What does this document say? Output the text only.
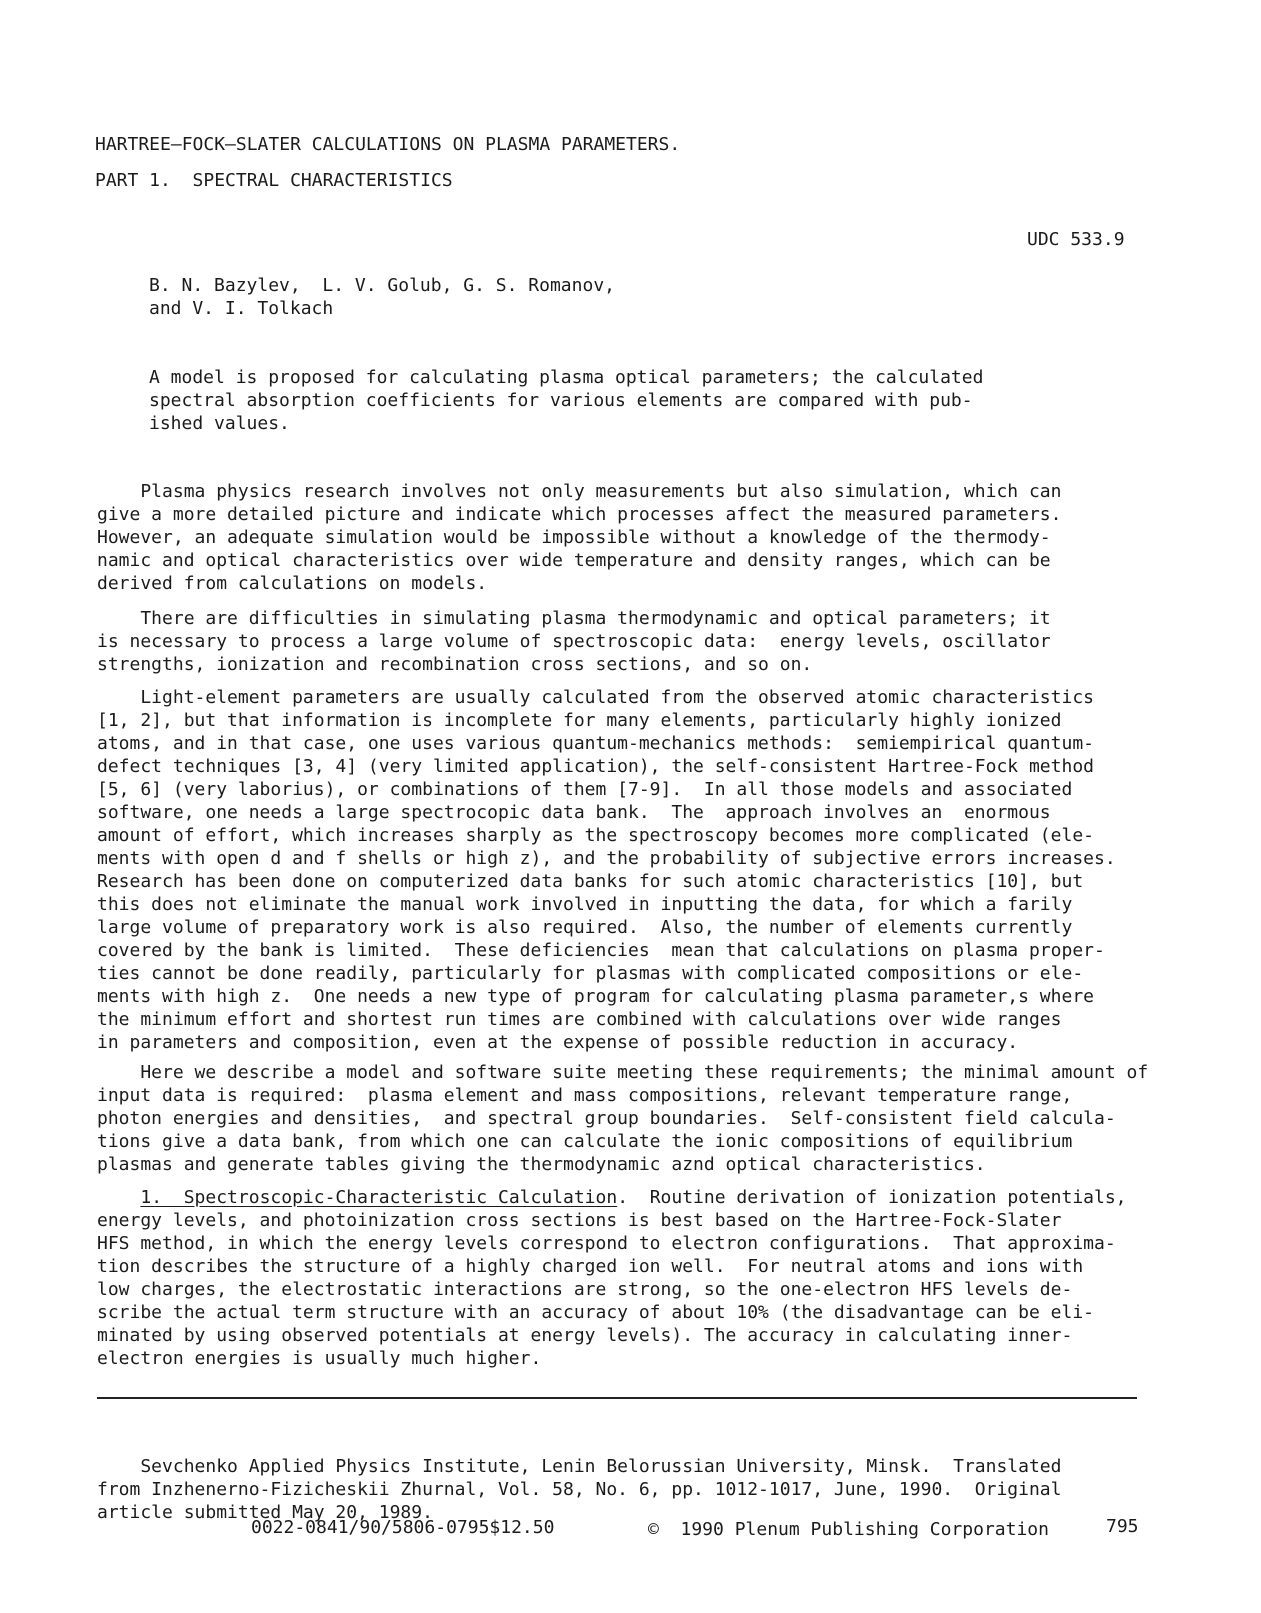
HARTREE—FOCK—SLATER CALCULATIONS ON PLASMA PARAMETERS.
PART 1.  SPECTRAL CHARACTERISTICS

B. N. Bazylev,  L. V. Golub, G. S. Romanov,
and V. I. Tolkach

UDC 533.9

A model is proposed for calculating plasma optical parameters; the calculated
spectral absorption coefficients for various elements are compared with pub-
ished values.

Plasma physics research involves not only measurements but also simulation, which can
give a more detailed picture and indicate which processes affect the measured parameters.
However, an adequate simulation would be impossible without a knowledge of the thermody-
namic and optical characteristics over wide temperature and density ranges, which can be
derived from calculations on models.

There are difficulties in simulating plasma thermodynamic and optical parameters; it
is necessary to process a large volume of spectroscopic data:  energy levels, oscillator
strengths, ionization and recombination cross sections, and so on.

Light-element parameters are usually calculated from the observed atomic characteristics
[1, 2], but that information is incomplete for many elements, particularly highly ionized
atoms, and in that case, one uses various quantum-mechanics methods:  semiempirical quantum-
defect techniques [3, 4] (very limited application), the self-consistent Hartree-Fock method
[5, 6] (very laborius), or combinations of them [7-9].  In all those models and associated
software, one needs a large spectrocopic data bank.  The  approach involves an  enormous
amount of effort, which increases sharply as the spectroscopy becomes more complicated (ele-
ments with open d and f shells or high z), and the probability of subjective errors increases.
Research has been done on computerized data banks for such atomic characteristics [10], but
this does not eliminate the manual work involved in inputting the data, for which a farily
large volume of preparatory work is also required.  Also, the number of elements currently
covered by the bank is limited.  These deficiencies  mean that calculations on plasma proper-
ties cannot be done readily, particularly for plasmas with complicated compositions or ele-
ments with high z.  One needs a new type of program for calculating plasma parameter,s where
the minimum effort and shortest run times are combined with calculations over wide ranges
in parameters and composition, even at the expense of possible reduction in accuracy.

Here we describe a model and software suite meeting these requirements; the minimal amount of
input data is required:  plasma element and mass compositions, relevant temperature range,
photon energies and densities,  and spectral group boundaries.  Self-consistent field calcula-
tions give a data bank, from which one can calculate the ionic compositions of equilibrium
plasmas and generate tables giving the thermodynamic aznd optical characteristics.

1.  Spectroscopic-Characteristic Calculation.  Routine derivation of ionization potentials,
energy levels, and photoinization cross sections is best based on the Hartree-Fock-Slater
HFS method, in which the energy levels correspond to electron configurations.  That approxima-
tion describes the structure of a highly charged ion well.  For neutral atoms and ions with
low charges, the electrostatic interactions are strong, so the one-electron HFS levels de-
scribe the actual term structure with an accuracy of about 10% (the disadvantage can be eli-
minated by using observed potentials at energy levels). The accuracy in calculating inner-
electron energies is usually much higher.

Sevchenko Applied Physics Institute, Lenin Belorussian University, Minsk.  Translated
from Inzhenerno-Fizicheskii Zhurnal, Vol. 58, No. 6, pp. 1012-1017, June, 1990.  Original
article submitted May 20, 1989.

0022-0841/90/5806-0795$12.50	©  1990 Plenum Publishing Corporation	795
